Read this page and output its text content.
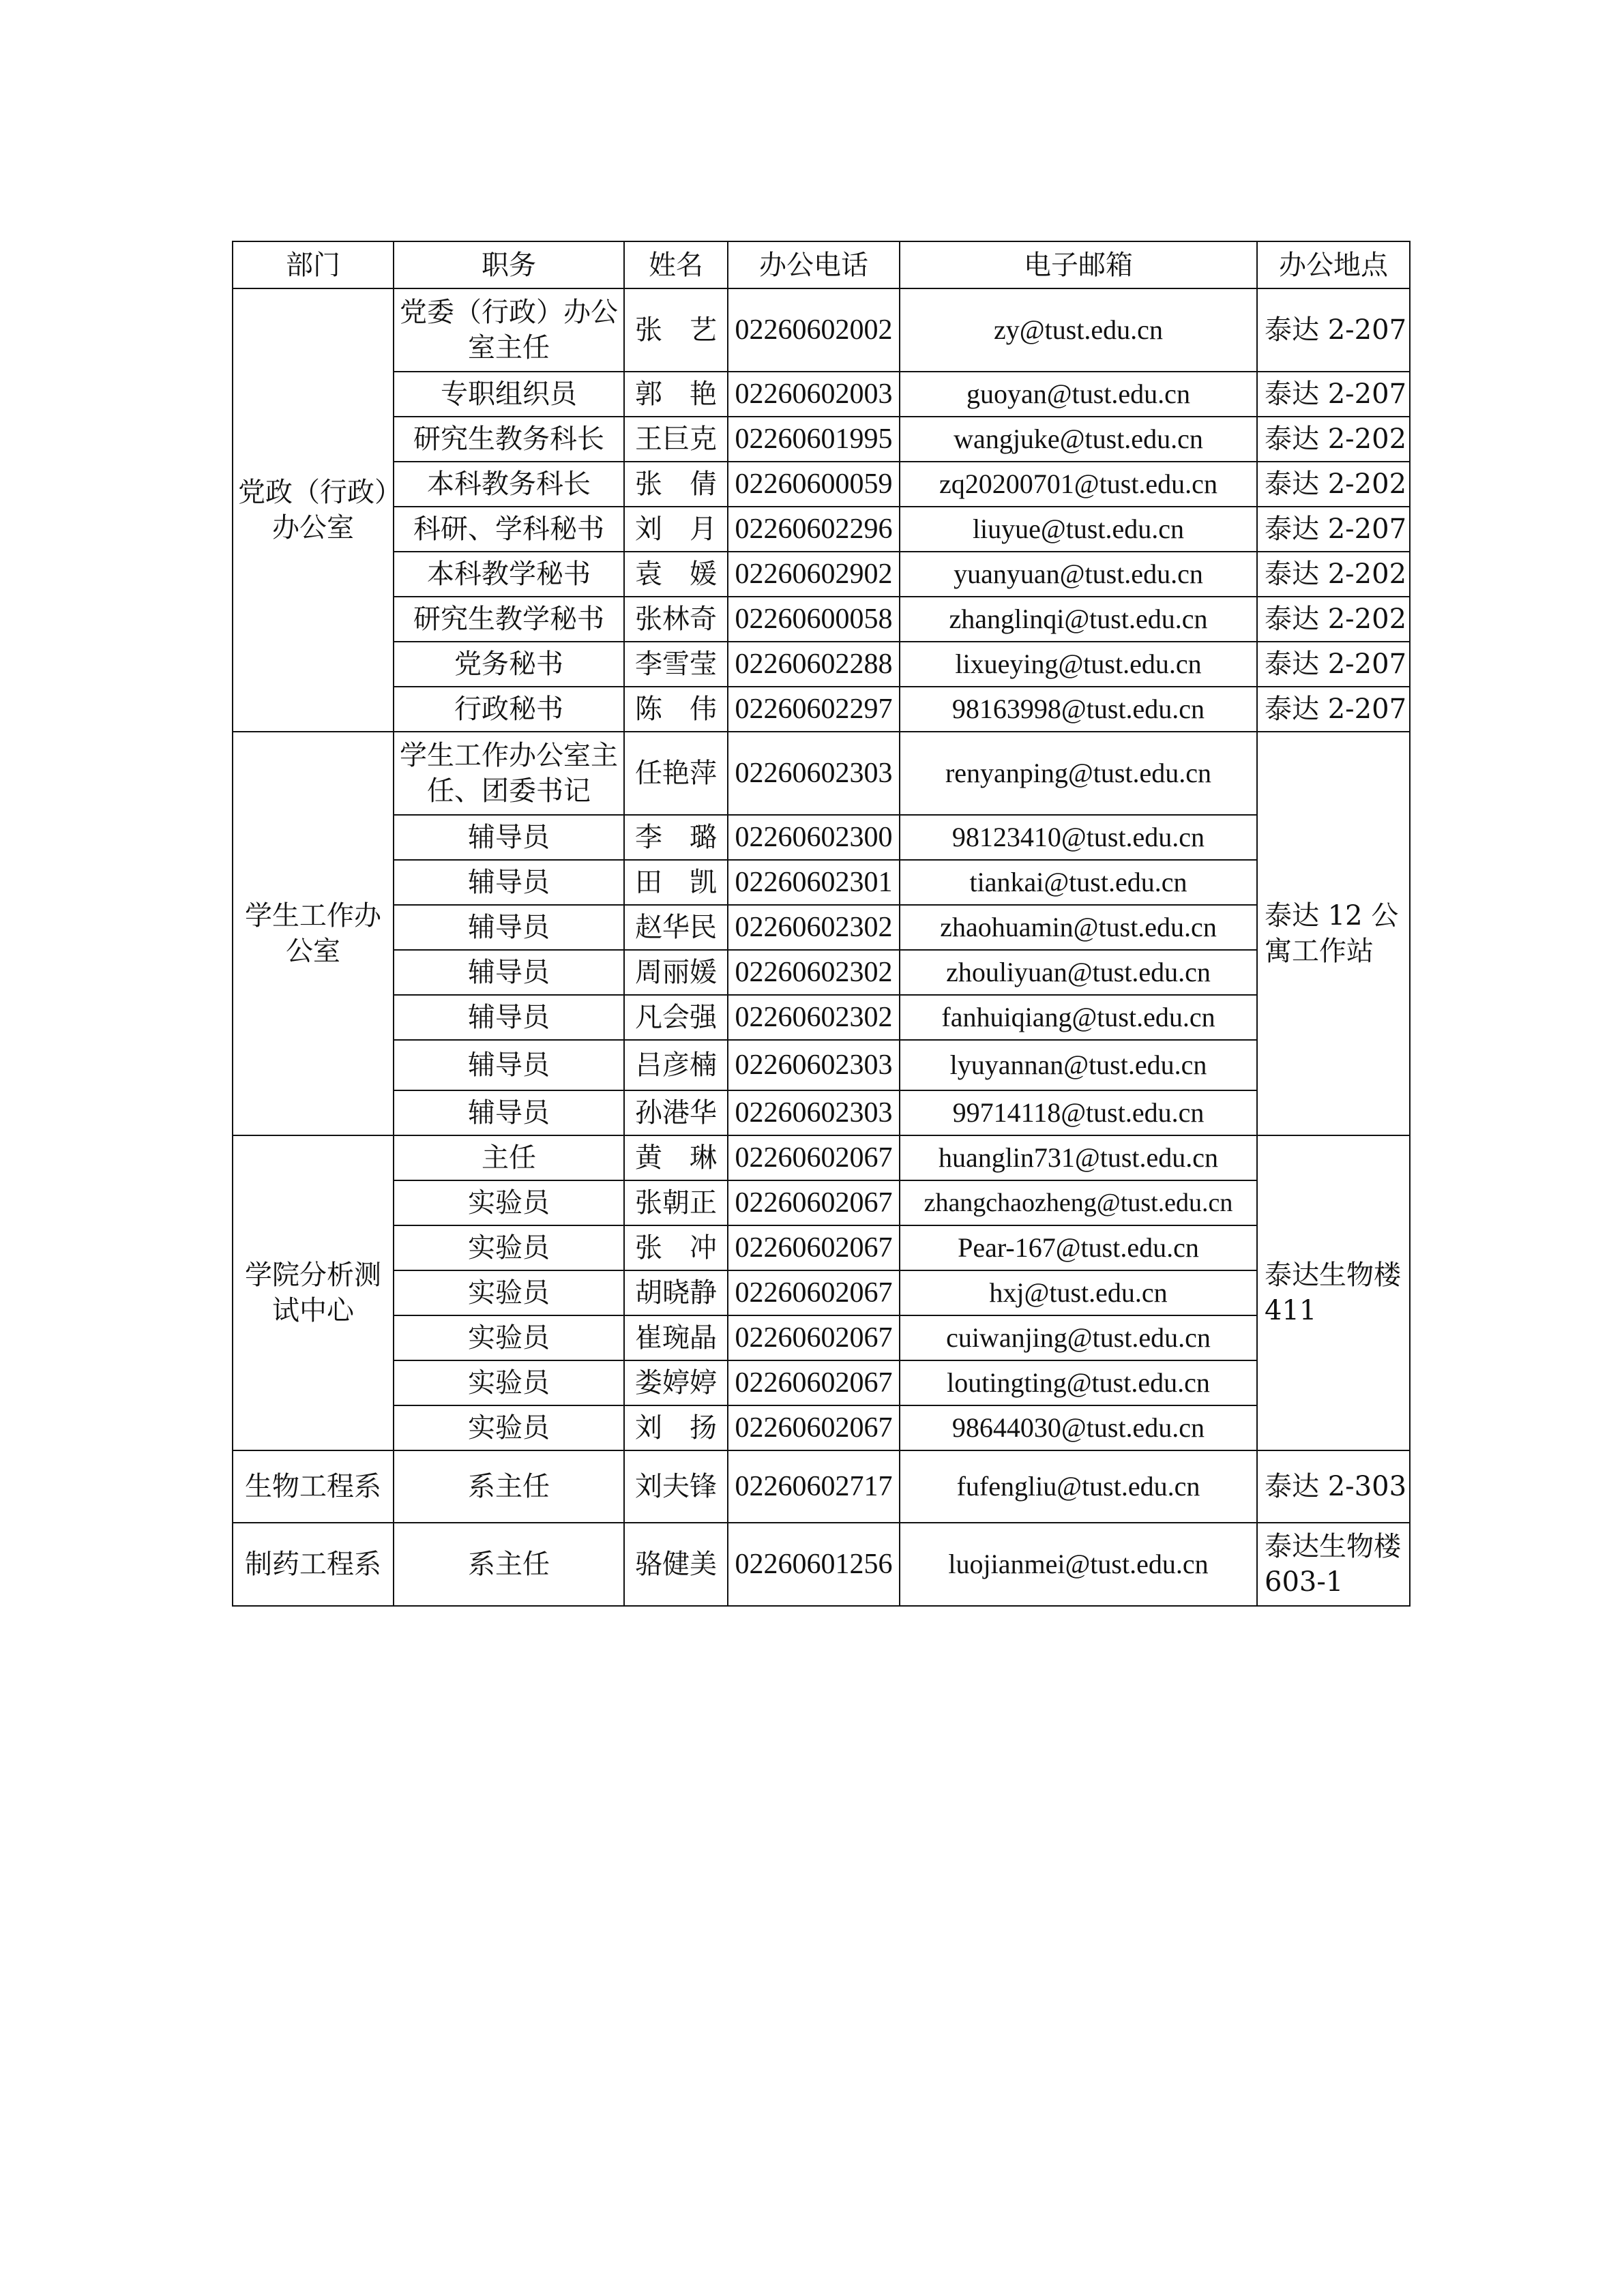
部门	职务	姓名	办公电话	电子邮箱	办公地点
党政（行政）办公室	党委（行政）办公室主任	张　艺	02260602002	zy@tust.edu.cn	泰达 2-207
	专职组织员	郭　艳	02260602003	guoyan@tust.edu.cn	泰达 2-207
	研究生教务科长	王巨克	02260601995	wangjuke@tust.edu.cn	泰达 2-202
	本科教务科长	张　倩	02260600059	zq20200701@tust.edu.cn	泰达 2-202
	科研、学科秘书	刘　月	02260602296	liuyue@tust.edu.cn	泰达 2-207
	本科教学秘书	袁　媛	02260602902	yuanyuan@tust.edu.cn	泰达 2-202
	研究生教学秘书	张林奇	02260600058	zhanglinqi@tust.edu.cn	泰达 2-202
	党务秘书	李雪莹	02260602288	lixueying@tust.edu.cn	泰达 2-207
	行政秘书	陈　伟	02260602297	98163998@tust.edu.cn	泰达 2-207
学生工作办公室	学生工作办公室主任、团委书记	任艳萍	02260602303	renyanping@tust.edu.cn	泰达 12 公寓工作站
	辅导员	李　璐	02260602300	98123410@tust.edu.cn	
	辅导员	田　凯	02260602301	tiankai@tust.edu.cn	
	辅导员	赵华民	02260602302	zhaohuamin@tust.edu.cn	
	辅导员	周丽媛	02260602302	zhouliyuan@tust.edu.cn	
	辅导员	凡会强	02260602302	fanhuiqiang@tust.edu.cn	
	辅导员	吕彦楠	02260602303	lyuyannan@tust.edu.cn	
	辅导员	孙港华	02260602303	99714118@tust.edu.cn	
学院分析测试中心	主任	黄　琳	02260602067	huanglin731@tust.edu.cn	泰达生物楼 411
	实验员	张朝正	02260602067	zhangchaozheng@tust.edu.cn	
	实验员	张　冲	02260602067	Pear-167@tust.edu.cn	
	实验员	胡晓静	02260602067	hxj@tust.edu.cn	
	实验员	崔琬晶	02260602067	cuiwanjing@tust.edu.cn	
	实验员	娄婷婷	02260602067	loutingting@tust.edu.cn	
	实验员	刘　扬	02260602067	98644030@tust.edu.cn	
生物工程系	系主任	刘夫锋	02260602717	fufengliu@tust.edu.cn	泰达 2-303
制药工程系	系主任	骆健美	02260601256	luojianmei@tust.edu.cn	泰达生物楼 603-1
